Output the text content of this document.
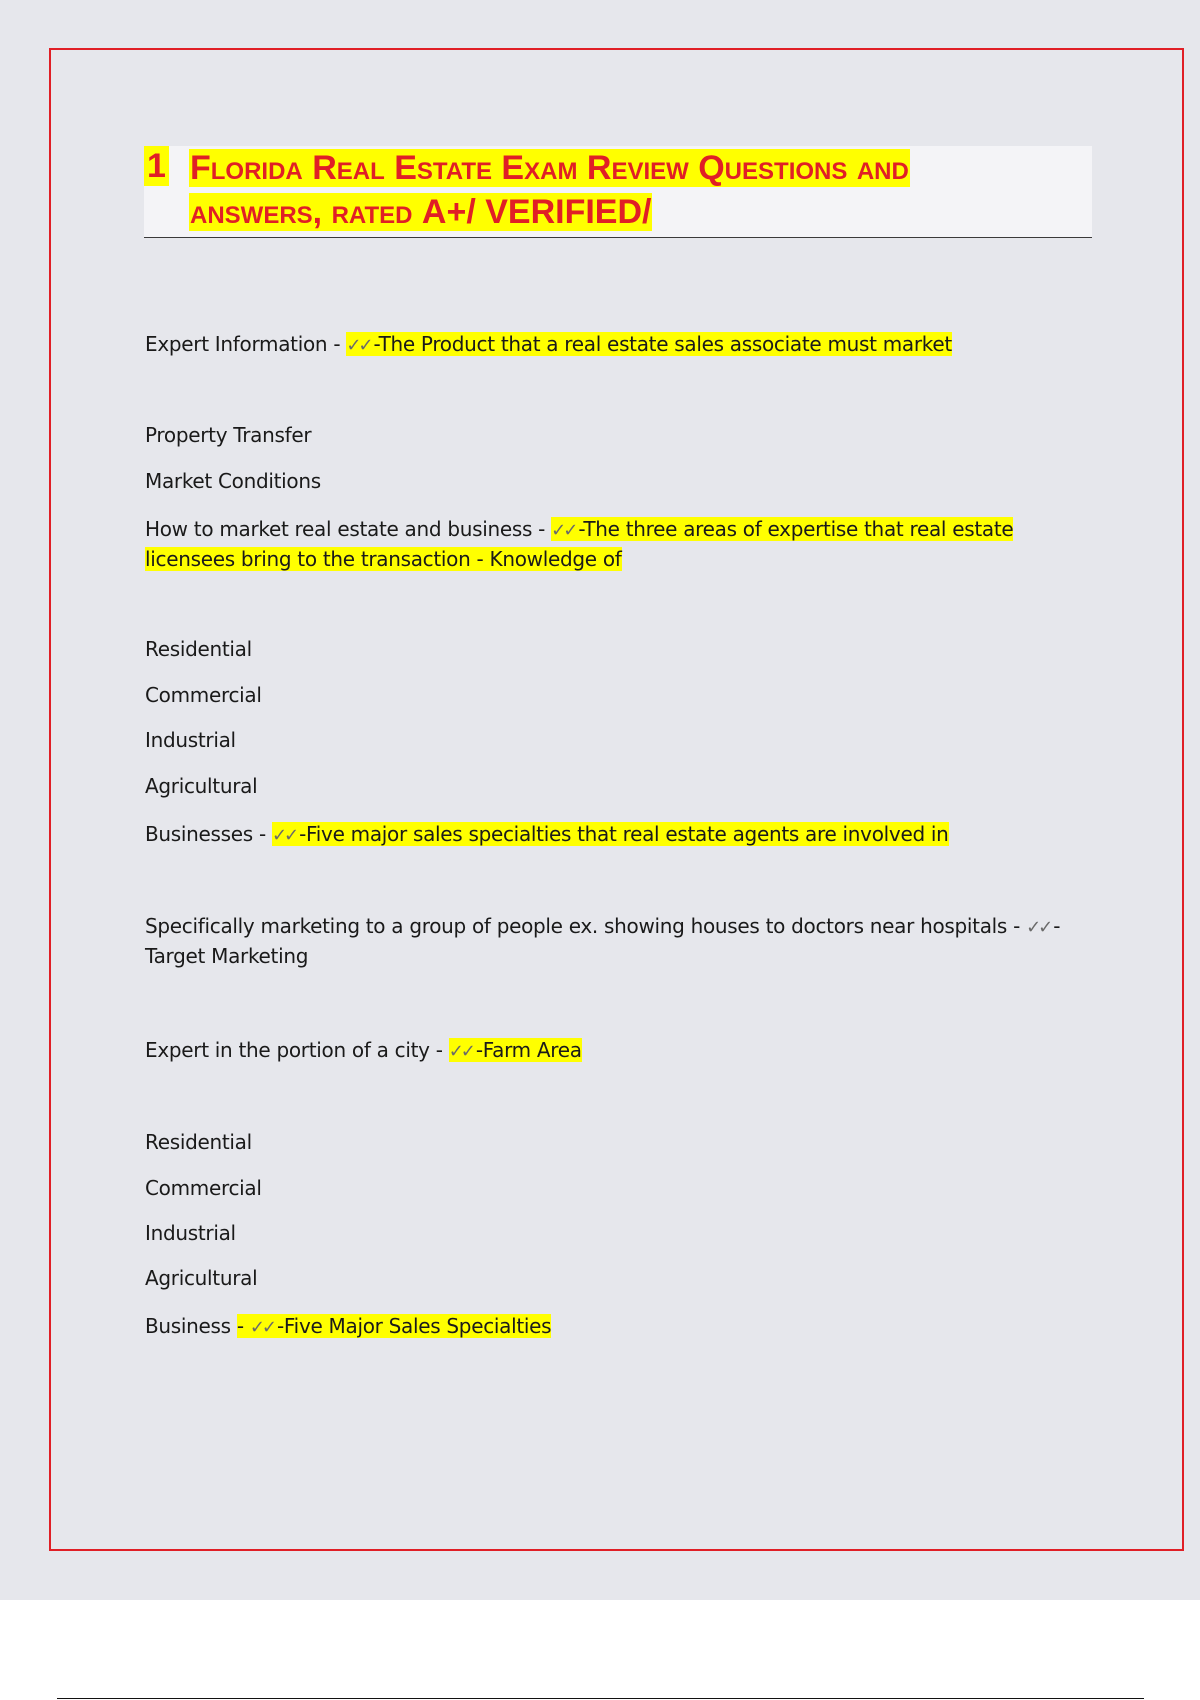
1 Florida Real Estate Exam Review Questions and
answers, rated A+/ VERIFIED/
Expert Information - ✓✓ -The Product that a real estate sales associate must market
Property Transfer
Market Conditions
How to market real estate and business - ✓✓ -The three areas of expertise that real estate licensees bring to the transaction - Knowledge of
Residential
Commercial
Industrial
Agricultural
Businesses - ✓✓ -Five major sales specialties that real estate agents are involved in
Specifically marketing to a group of people ex. showing houses to doctors near hospitals - ✓✓ -Target Marketing
Expert in the portion of a city - ✓✓ -Farm Area
Residential
Commercial
Industrial
Agricultural
Business - ✓✓ -Five Major Sales Specialties
